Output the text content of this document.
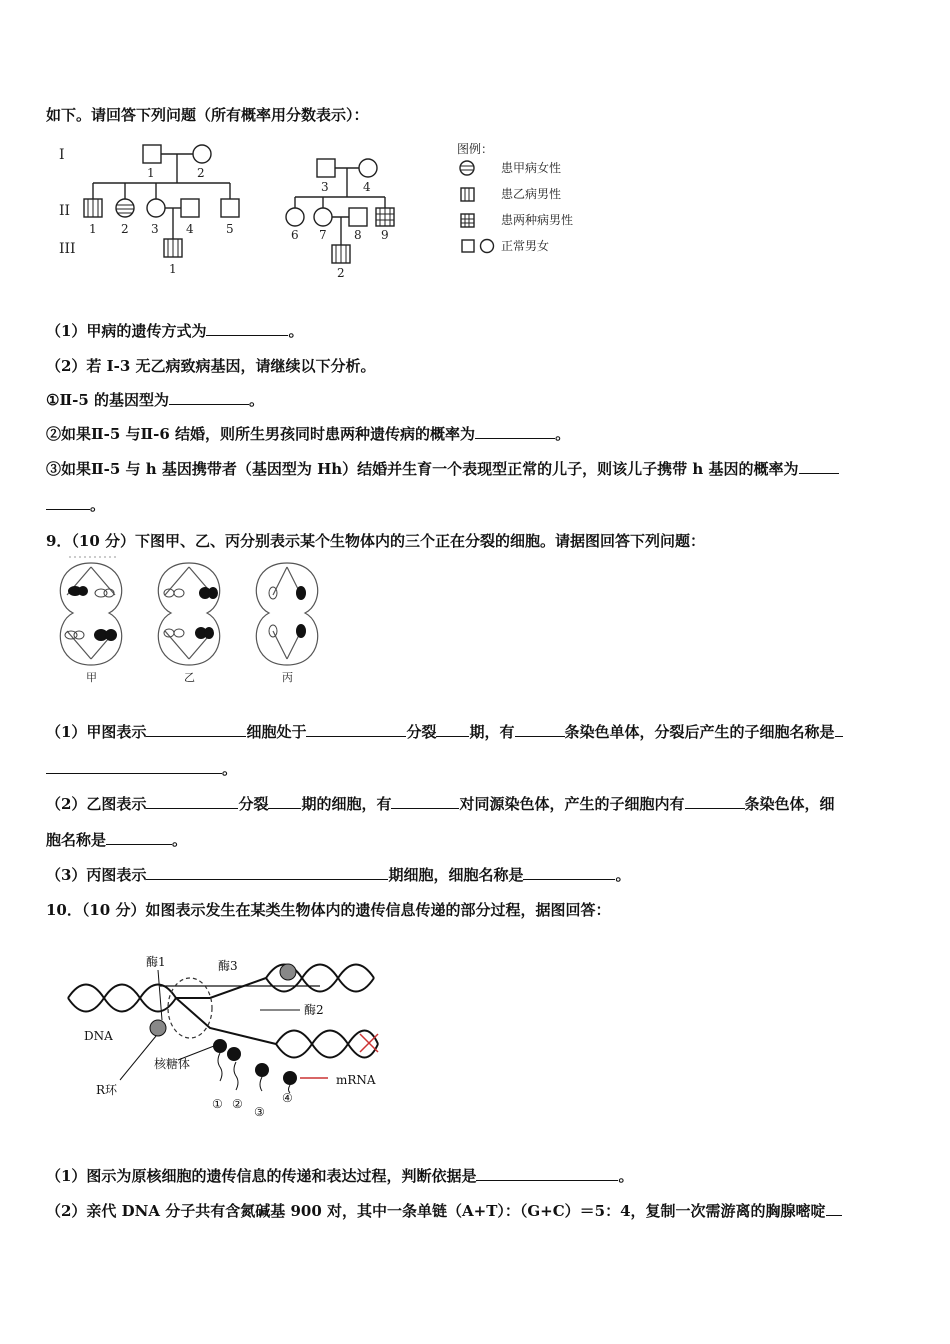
如下。请回答下列问题（所有概率用分数表示）：
I
II
III
1	2
1 2 3 4	5
1
3	4
6 7 8 9
2
图例：
患甲病女性
患乙病男性
患两种病男性
正常男女
（1）甲病的遗传方式为	。
（2）若 I-3 无乙病致病基因，请继续以下分析。
①Ⅱ-5 的基因型为	。
②如果Ⅱ-5 与Ⅱ-6 结婚，则所生男孩同时患两种遗传病的概率为	。
③如果Ⅱ-5 与 h 基因携带者（基因型为 Hh）结婚并生育一个表现型正常的儿子，则该儿子携带 h 基因的概率为
。
9．（10 分）下图甲、乙、丙分别表示某个生物体内的三个正在分裂的细胞。请据图回答下列问题：
甲	乙	丙
（1）甲图表示	细胞处于	分裂 期，有	条染色单体，分裂后产生的子细胞名称是
。
（2）乙图表示	分裂 期的细胞，有	对同源染色体，产生的子细胞内有	条染色体，细
胞名称是	。
（3）丙图表示	期细胞，细胞名称是	。
10．（10 分）如图表示发生在某类生物体内的遗传信息传递的部分过程，据图回答：
酶1	酶3
酶2
DNA
核糖体
R环
mRNA
① ②
③
④
（1）图示为原核细胞的遗传信息的传递和表达过程，判断依据是	。
（2）亲代 DNA 分子共有含氮碱基 900 对，其中一条单链（A+T）：（G+C）＝5：4，复制一次需游离的胸腺嘧啶
